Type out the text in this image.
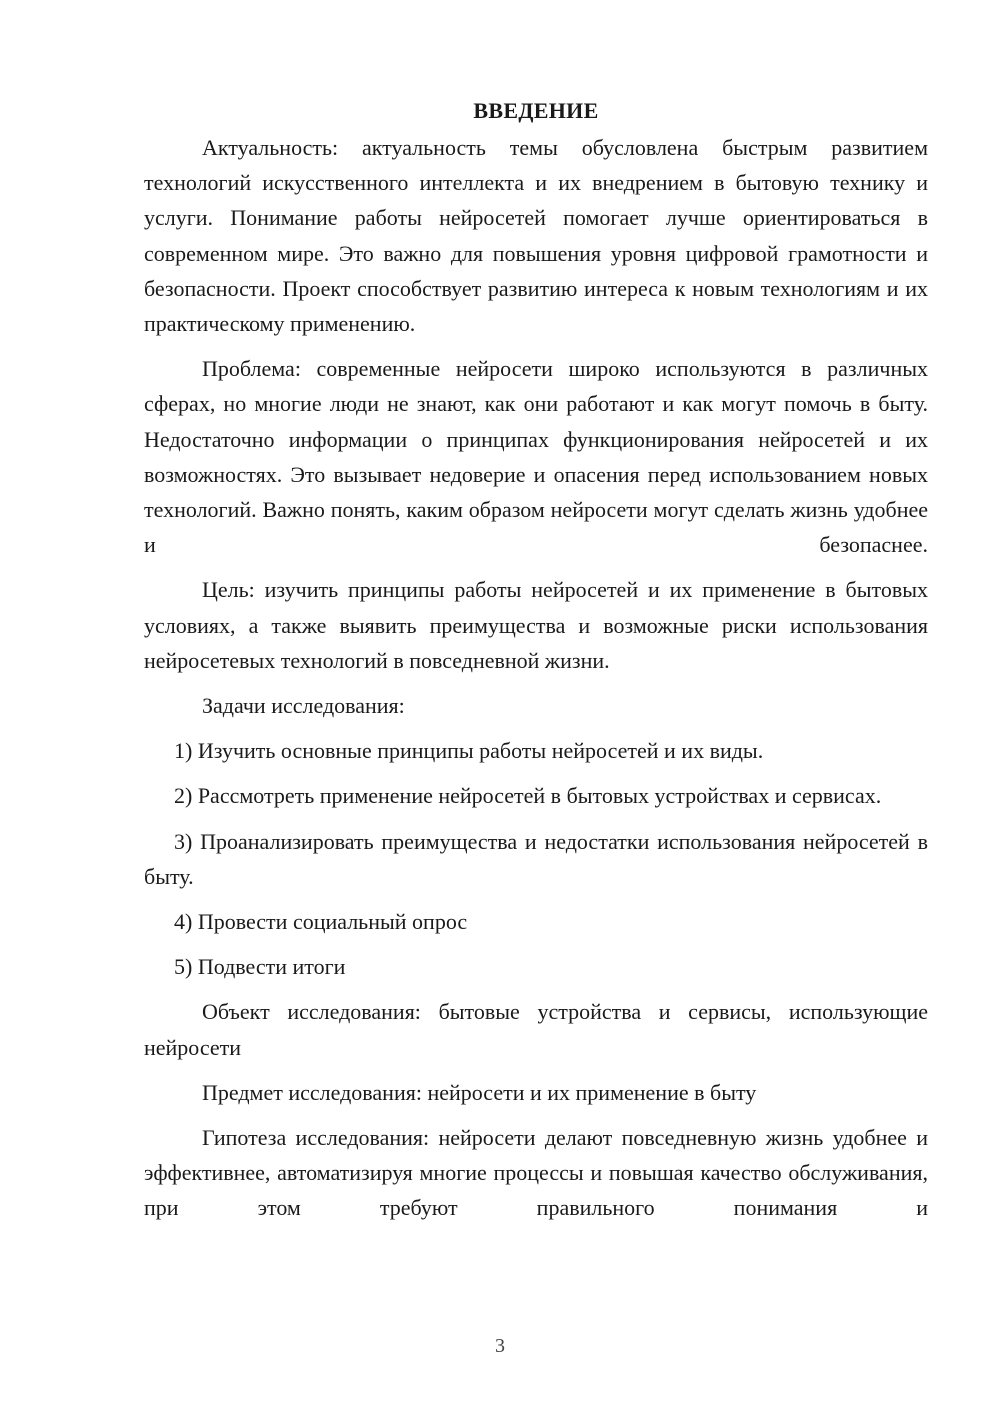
ВВЕДЕНИЕ

Актуальность: актуальность темы обусловлена быстрым развитием технологий искусственного интеллекта и их внедрением в бытовую технику и услуги. Понимание работы нейросетей помогает лучше ориентироваться в современном мире. Это важно для повышения уровня цифровой грамотности и безопасности. Проект способствует развитию интереса к новым технологиям и их практическому применению.

Проблема: современные нейросети широко используются в различных сферах, но многие люди не знают, как они работают и как могут помочь в быту. Недостаточно информации о принципах функционирования нейросетей и их возможностях. Это вызывает недоверие и опасения перед использованием новых технологий. Важно понять, каким образом нейросети могут сделать жизнь удобнее и безопаснее.

Цель: изучить принципы работы нейросетей и их применение в бытовых условиях, а также выявить преимущества и возможные риски использования нейросетевых технологий в повседневной жизни.

Задачи исследования:

1) Изучить основные принципы работы нейросетей и их виды.

2) Рассмотреть применение нейросетей в бытовых устройствах и сервисах.

3) Проанализировать преимущества и недостатки использования нейросетей в быту.

4) Провести социальный опрос

5) Подвести итоги

Объект исследования: бытовые устройства и сервисы, использующие нейросети

Предмет исследования: нейросети и их применение в быту

Гипотеза исследования: нейросети делают повседневную жизнь удобнее и эффективнее, автоматизируя многие процессы и повышая качество обслуживания, при этом требуют правильного понимания и

3
